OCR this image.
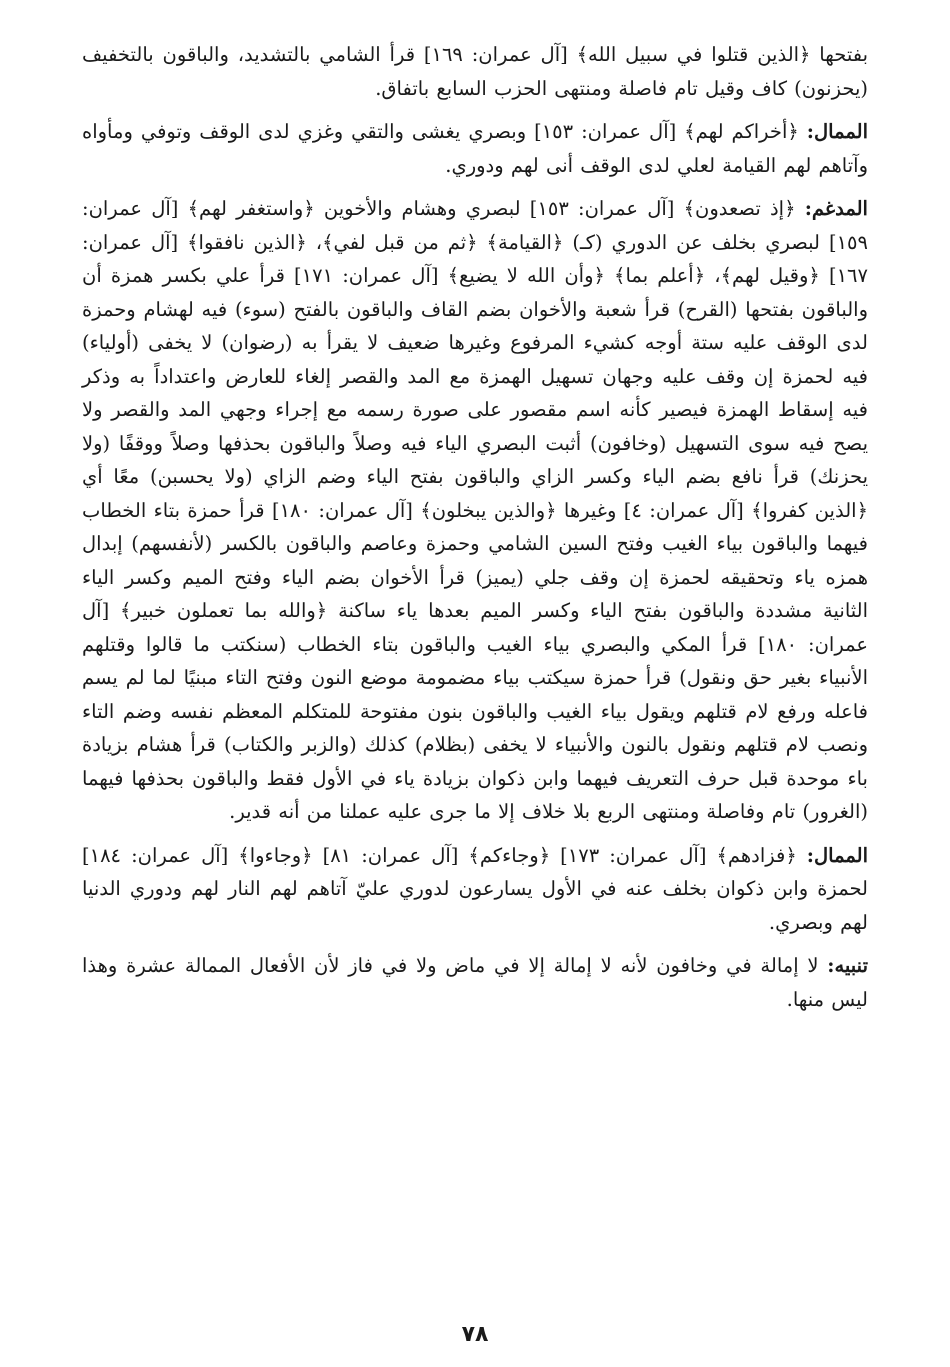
بفتحها ﴿الذين قتلوا في سبيل الله﴾ [آل عمران: ١٦٩] قرأ الشامي بالتشديد، والباقون بالتخفيف (يحزنون) كاف وقيل تام فاصلة ومنتهى الحزب السابع باتفاق.

الممال: ﴿أخراكم لهم﴾ [آل عمران: ١٥٣] وبصري يغشى والتقي وغزي لدى الوقف وتوفي ومأواه وآتاهم لهم القيامة لعلي لدى الوقف أنى لهم ودوري.

المدغم: ﴿إذ تصعدون﴾ [آل عمران: ١٥٣] لبصري وهشام والأخوين ﴿واستغفر لهم﴾ [آل عمران: ١٥٩] لبصري بخلف عن الدوري (كـ) ﴿القيامة﴾ ﴿ثم من قبل لفي﴾، ﴿الذين نافقوا﴾ [آل عمران: ١٦٧] ﴿وقيل لهم﴾، ﴿أعلم بما﴾ ﴿وأن الله لا يضيع﴾ [آل عمران: ١٧١] قرأ علي بكسر همزة أن والباقون بفتحها (القرح) قرأ شعبة والأخوان بضم القاف والباقون بالفتح (سوء) فيه لهشام وحمزة لدى الوقف عليه ستة أوجه كشيء المرفوع وغيرها ضعيف لا يقرأ به (رضوان) لا يخفى (أولياء) فيه لحمزة إن وقف عليه وجهان تسهيل الهمزة مع المد والقصر إلغاء للعارض واعتداداً به وذكر فيه إسقاط الهمزة فيصير كأنه اسم مقصور على صورة رسمه مع إجراء وجهي المد والقصر ولا يصح فيه سوى التسهيل (وخافون) أثبت البصري الياء فيه وصلاً والباقون بحذفها وصلاً ووقفًا (ولا يحزنك) قرأ نافع بضم الياء وكسر الزاي والباقون بفتح الياء وضم الزاي (ولا يحسبن) معًا أي ﴿الذين كفروا﴾ [آل عمران: ٤] وغيرها ﴿والذين يبخلون﴾ [آل عمران: ١٨٠] قرأ حمزة بتاء الخطاب فيهما والباقون بياء الغيب وفتح السين الشامي وحمزة وعاصم والباقون بالكسر (لأنفسهم) إبدال همزه ياء وتحقيقه لحمزة إن وقف جلي (يميز) قرأ الأخوان بضم الياء وفتح الميم وكسر الياء الثانية مشددة والباقون بفتح الياء وكسر الميم بعدها ياء ساكنة ﴿والله بما تعملون خبير﴾ [آل عمران: ١٨٠] قرأ المكي والبصري بياء الغيب والباقون بتاء الخطاب (سنكتب ما قالوا وقتلهم الأنبياء بغير حق ونقول) قرأ حمزة سيكتب بياء مضمومة موضع النون وفتح التاء مبنيًا لما لم يسم فاعله ورفع لام قتلهم ويقول بياء الغيب والباقون بنون مفتوحة للمتكلم المعظم نفسه وضم التاء ونصب لام قتلهم ونقول بالنون والأنبياء لا يخفى (بظلام) كذلك (والزبر والكتاب) قرأ هشام بزيادة باء موحدة قبل حرف التعريف فيهما وابن ذكوان بزيادة ياء في الأول فقط والباقون بحذفها فيهما (الغرور) تام وفاصلة ومنتهى الربع بلا خلاف إلا ما جرى عليه عملنا من أنه قدير.

الممال: ﴿فزادهم﴾ [آل عمران: ١٧٣] ﴿وجاءكم﴾ [آل عمران: ٨١] ﴿وجاءوا﴾ [آل عمران: ١٨٤] لحمزة وابن ذكوان بخلف عنه في الأول يسارعون لدوري عليّ آتاهم لهم النار لهم ودوري الدنيا لهم وبصري.

تنبيه: لا إمالة في وخافون لأنه لا إمالة إلا في ماض ولا في فاز لأن الأفعال الممالة عشرة وهذا ليس منها.

٧٨
